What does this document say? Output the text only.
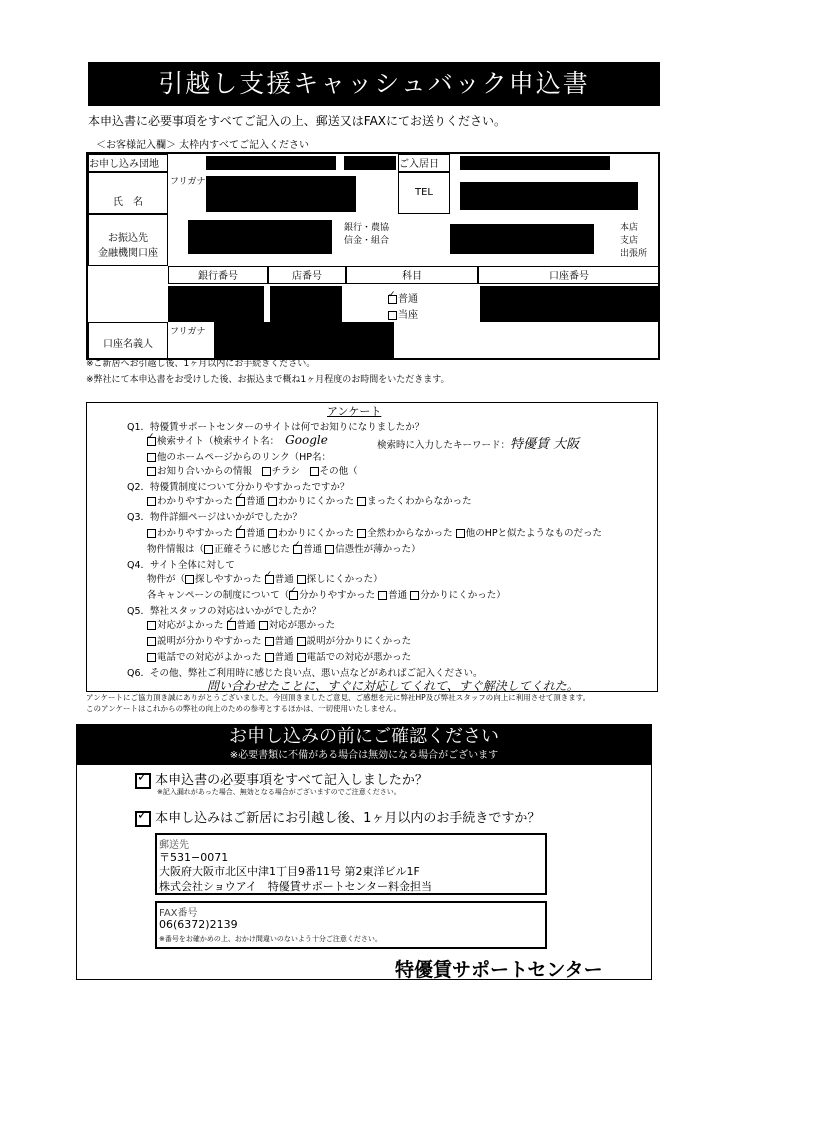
引越し支援キャッシュバック申込書
本申込書に必要事項をすべてご記入の上、郵送又はFAXにてお送りください。
＜お客様記入欄＞ 太枠内すべてご記入ください
お申し込み団地	ご入居日
氏　名
フリガナ
TEL
お振込先
金融機関口座
銀行・農協
信金・組合
本店
支店
出張所
銀行番号	店番号	科目	口座番号
✓普通
当座
口座名義人
フリガナ
※ご新居へお引越し後、1ヶ月以内にお手続きください。
※弊社にて本申込書をお受けした後、お振込まで概ね1ヶ月程度のお時間をいただきます。
アンケート
Q1．特優賃サポートセンターのサイトは何でお知りになりましたか？
✓検索サイト（検索サイト名： Google	検索時に入力したキーワード：特優賃 大阪
他のホームページからのリンク（HP名：
お知り合いからの情報　 チラシ　 その他（
Q2．特優賃制度について分かりやすかったですか？
わかりやすかった ✓ 普通 わかりにくかった まったくわからなかった
Q3．物件詳細ページはいかがでしたか？
わかりやすかった ✓ 普通 わかりにくかった 全然わからなかった 他のHPと似たようなものだった
物件情報は（ 正確そうに感じた ✓ 普通 信憑性が薄かった）
Q4．サイト全体に対して
物件が（ 探しやすかった ✓ 普通 探しにくかった）
各キャンペーンの制度について（ ✓ 分かりやすかった 普通 分かりにくかった）
Q5．弊社スタッフの対応はいかがでしたか？
対応がよかった ✓ 普通 対応が悪かった
説明が分かりやすかった 普通 説明が分かりにくかった
電話での対応がよかった 普通 電話での対応が悪かった
Q6．その他、弊社ご利用時に感じた良い点、悪い点などがあればご記入ください。
問い合わせたことに、すぐに対応してくれて、すぐ解決してくれた。
アンケートにご協力頂き誠にありがとうございました。今回頂きましたご意見、ご感想を元に弊社HP及び弊社スタッフの向上に利用させて頂きます。
このアンケートはこれからの弊社の向上のための参考とするほかは、一切使用いたしません。
お申し込みの前にご確認ください
※必要書類に不備がある場合は無効になる場合がございます
✓ 本申込書の必要事項をすべて記入しましたか？
※記入漏れがあった場合、無効となる場合がございますのでご注意ください。
✓ 本申し込みはご新居にお引越し後、1ヶ月以内のお手続きですか？
郵送先
〒531−0071
大阪府大阪市北区中津1丁目9番11号 第2東洋ビル1F
株式会社ショウアイ　特優賃サポートセンター料金担当
FAX番号
06(6372)2139
※番号をお確かめの上、おかけ間違いのないよう十分ご注意ください。
特優賃サポートセンター
